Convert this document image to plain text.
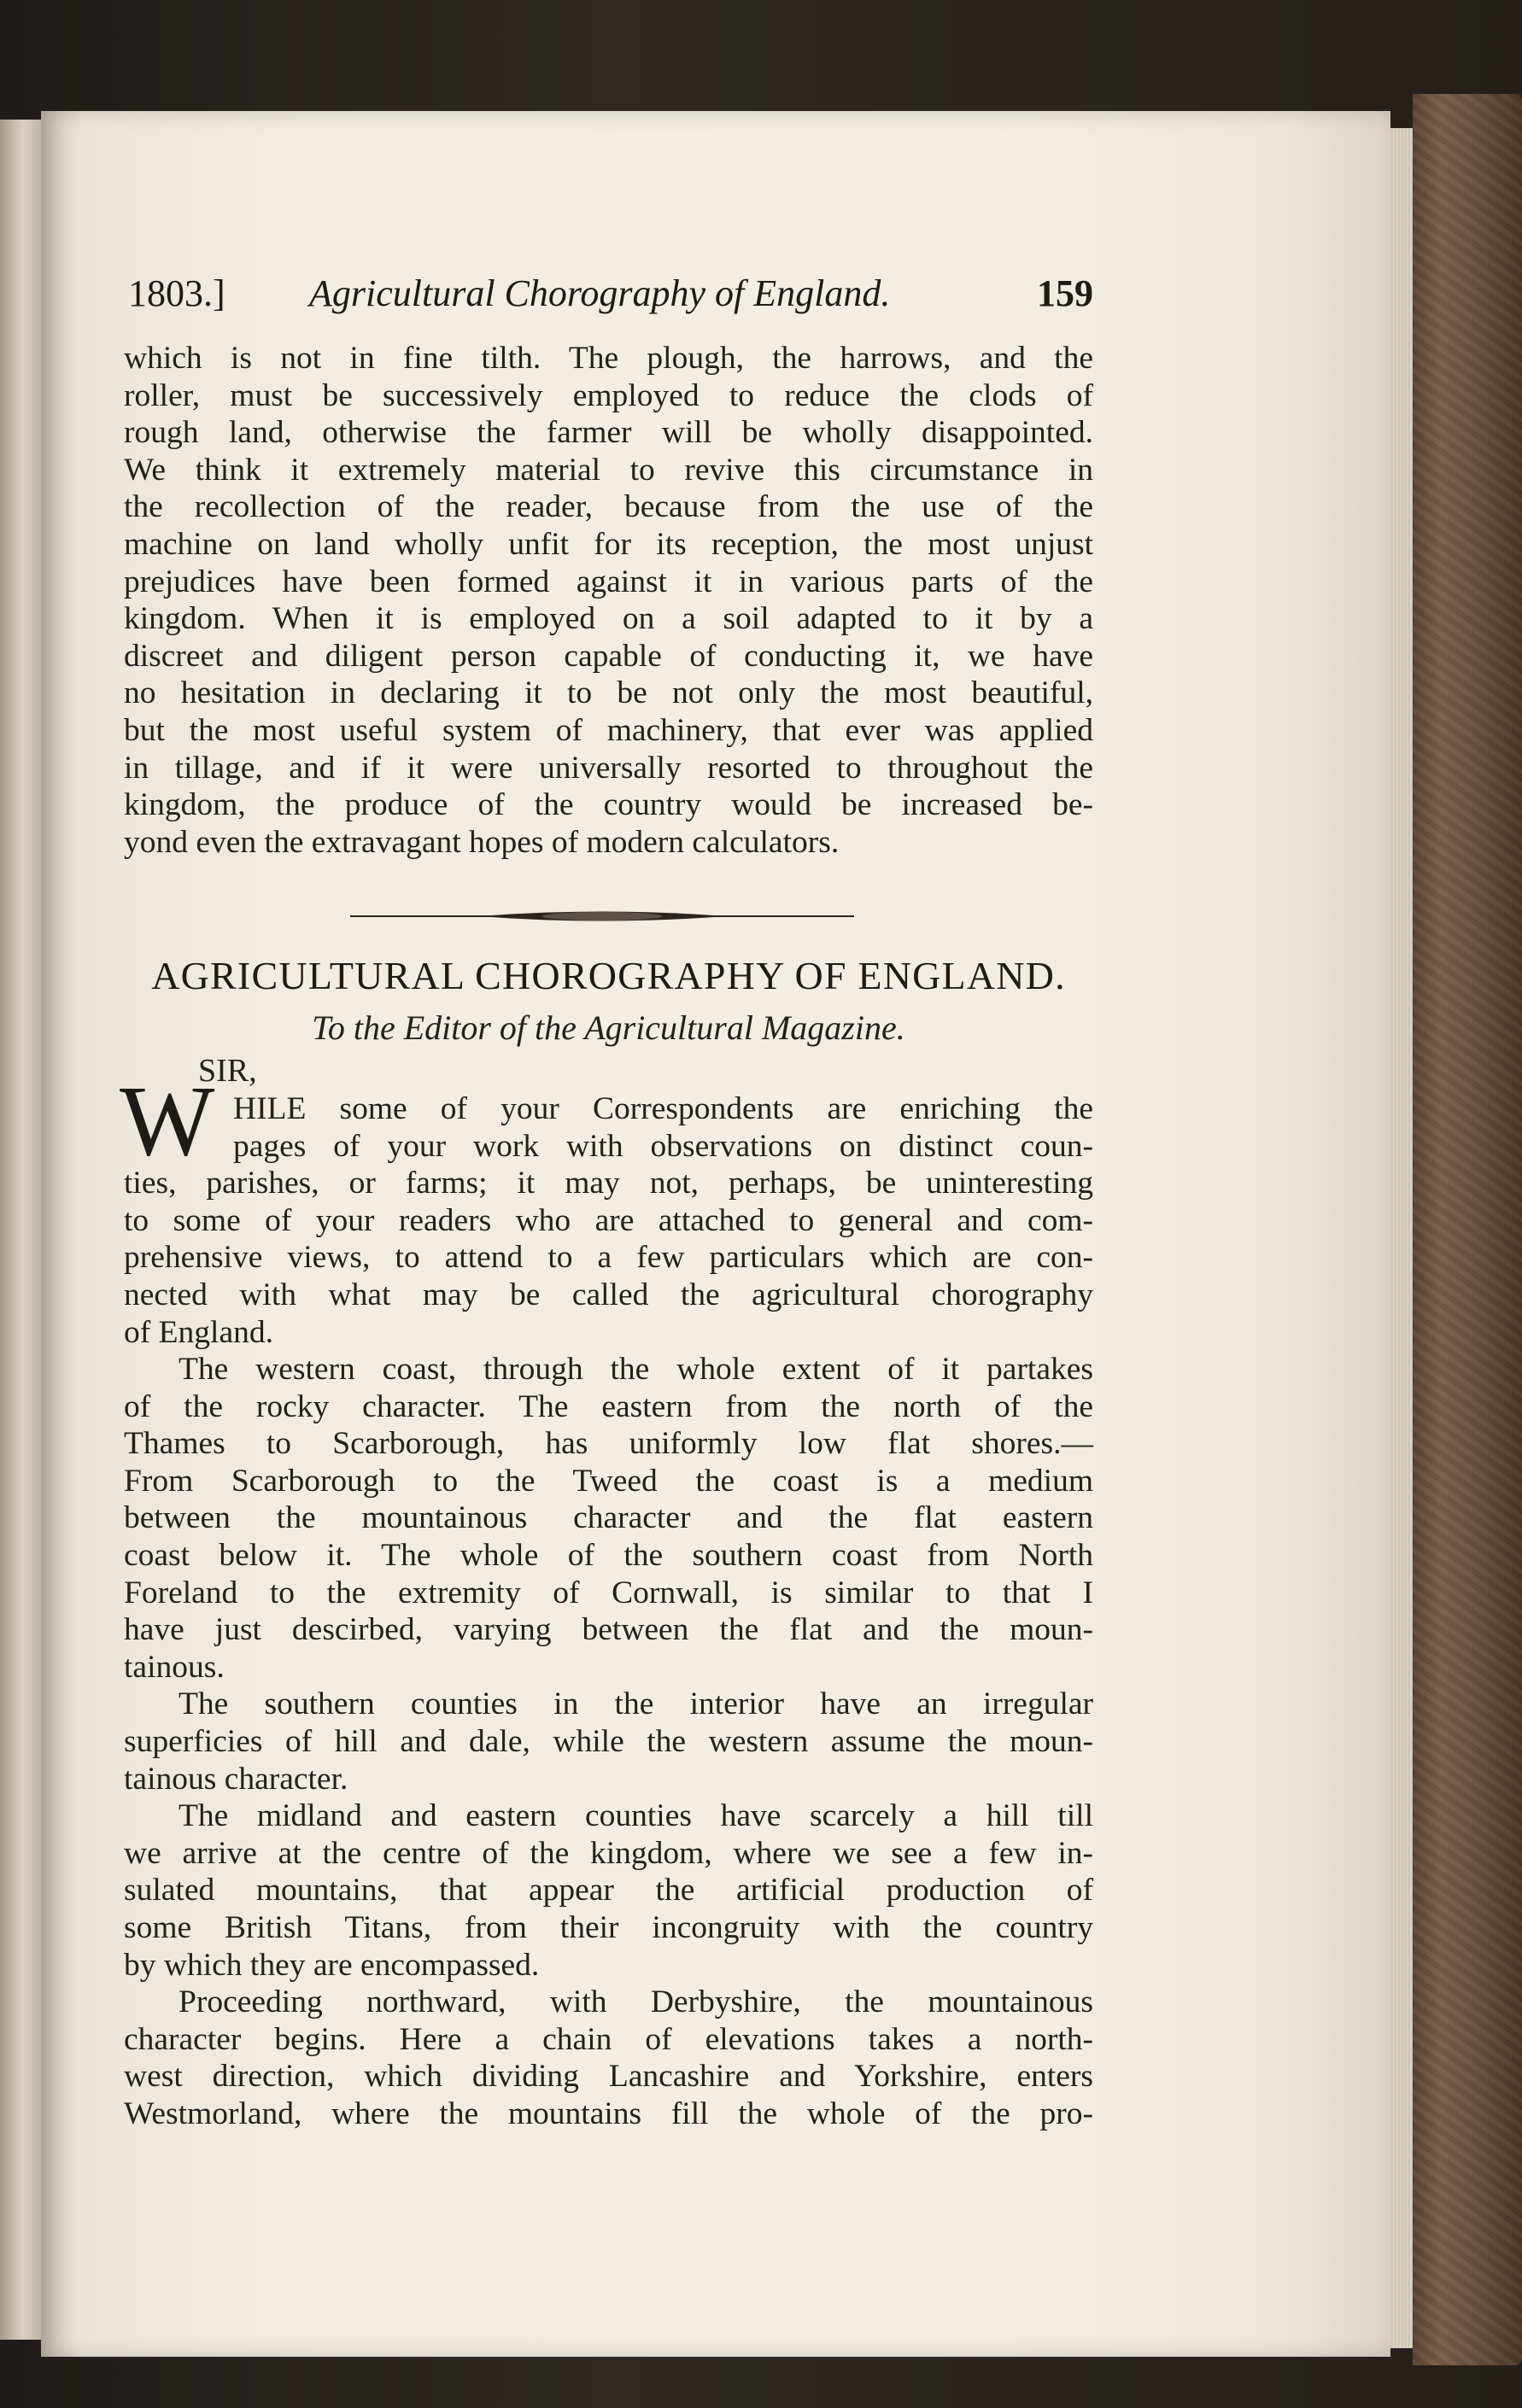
1803.] Agricultural Chorography of England.	159
which is not in fine tilth. The plough, the harrows, and the
roller, must be successively employed to reduce the clods of
rough land, otherwise the farmer will be wholly disappointed.
We think it extremely material to revive this circumstance in
the recollection of the reader, because from the use of the
machine on land wholly unfit for its reception, the most unjust
prejudices have been formed against it in various parts of the
kingdom. When it is employed on a soil adapted to it by a
discreet and diligent person capable of conducting it, we have
no hesitation in declaring it to be not only the most beautiful,
but the most useful system of machinery, that ever was applied
in tillage, and if it were universally resorted to throughout the
kingdom, the produce of the country would be increased be-
yond even the extravagant hopes of modern calculators.
AGRICULTURAL CHOROGRAPHY OF ENGLAND.
To the Editor of the Agricultural Magazine.
SIR,
W HILE some of your Correspondents are enriching the
pages of your work with observations on distinct coun-
ties, parishes, or farms; it may not, perhaps, be uninteresting
to some of your readers who are attached to general and com-
prehensive views, to attend to a few particulars which are con-
nected with what may be called the agricultural chorography
of England.
The western coast, through the whole extent of it partakes
of the rocky character. The eastern from the north of the
Thames to Scarborough, has uniformly low flat shores.—
From Scarborough to the Tweed the coast is a medium
between the mountainous character and the flat eastern
coast below it. The whole of the southern coast from North
Foreland to the extremity of Cornwall, is similar to that I
have just descirbed, varying between the flat and the moun-
tainous.
The southern counties in the interior have an irregular
superficies of hill and dale, while the western assume the moun-
tainous character.
The midland and eastern counties have scarcely a hill till
we arrive at the centre of the kingdom, where we see a few in-
sulated mountains, that appear the artificial production of
some British Titans, from their incongruity with the country
by which they are encompassed.
Proceeding northward, with Derbyshire, the mountainous
character begins. Here a chain of elevations takes a north-
west direction, which dividing Lancashire and Yorkshire, enters
Westmorland, where the mountains fill the whole of the pro-
